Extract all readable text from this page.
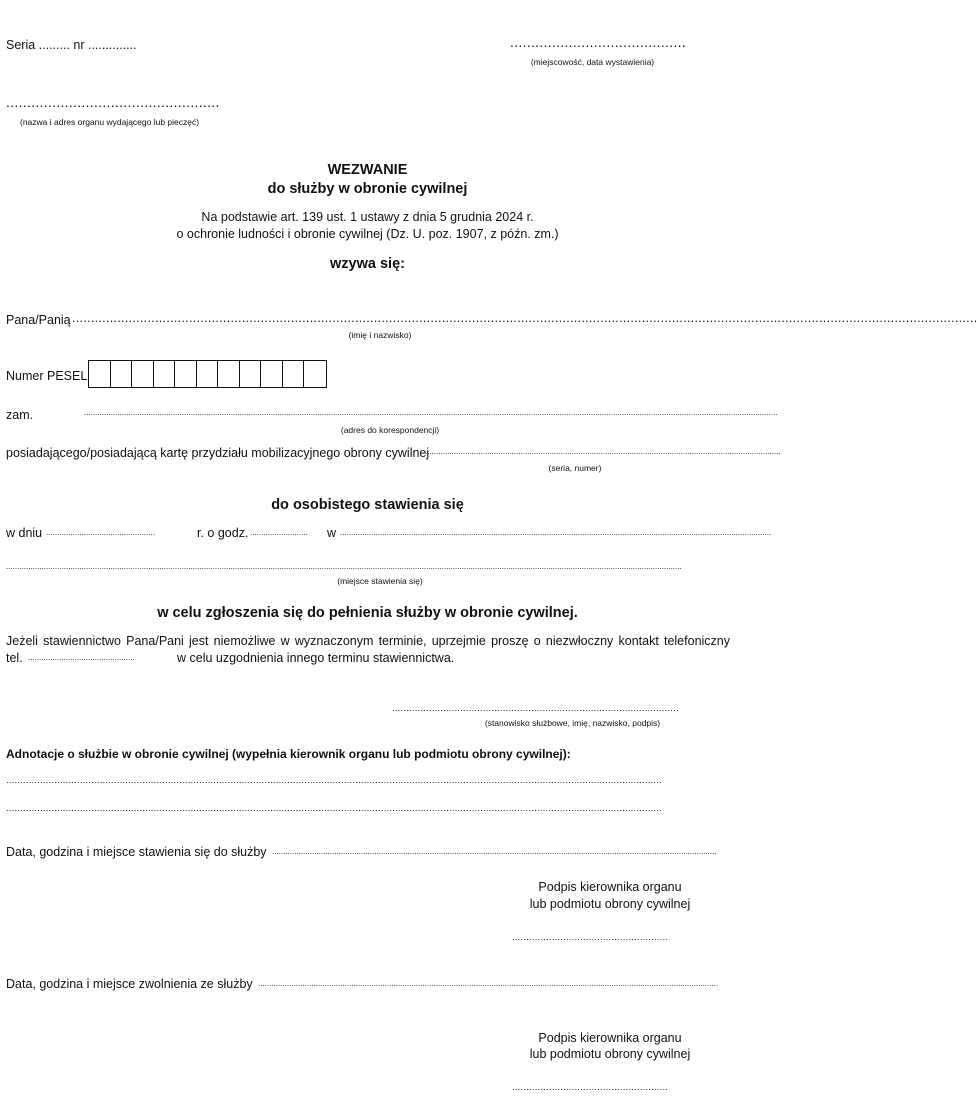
Seria ......... nr ..............	..........................................
(miejscowość, data wystawienia)
...................................................
(nazwa i adres organu wydającego lub pieczęć)
WEZWANIE
do służby w obronie cywilnej
Na podstawie art. 139 ust. 1 ustawy z dnia 5 grudnia 2024 r.
o ochronie ludności i obronie cywilnej (Dz. U. poz. 1907, z późn. zm.)
wzywa się:
Pana/Panią ................................................................................................................................................................................................................................................
(imię i nazwisko)
Numer PESEL
zam.	........................................................................................................................................................................................................................................................................................................................
(adres do korespondencji)
posiadającego/posiadającą kartę przydziału mobilizacyjnego obrony cywilnej
................................................................................................................................................................
(seria, numer)
do osobistego stawienia się
w dniu .................................................	r. o godz. ..........................	w ..................................................................................................................................................................................................
................................................................................................................................................................................................................................................................................................................
(miejsce stawienia się)
w celu zgłoszenia się do pełnienia służby w obronie cywilnej.
Jeżeli stawiennictwo Pana/Pani jest niemożliwe w wyznaczonym terminie, uprzejmie proszę o niezwłoczny kontakt telefoniczny
tel. ................................................	w celu uzgodnienia innego terminu stawiennictwa.
.....................................................................................................
(stanowisko służbowe, imię, nazwisko, podpis)
Adnotacje o służbie w obronie cywilnej (wypełnia kierownik organu lub podmiotu obrony cywilnej):
.......................................................................................................................................................................................................................................
.......................................................................................................................................................................................................................................
Data, godzina i miejsce stawienia się do służby ........................................................................................................................................................................................................
Podpis kierownika organu
lub podmiotu obrony cywilnej
.......................................................
Data, godzina i miejsce zwolnienia ze służby ...............................................................................................................................................................................................................
Podpis kierownika organu
lub podmiotu obrony cywilnej
.......................................................
